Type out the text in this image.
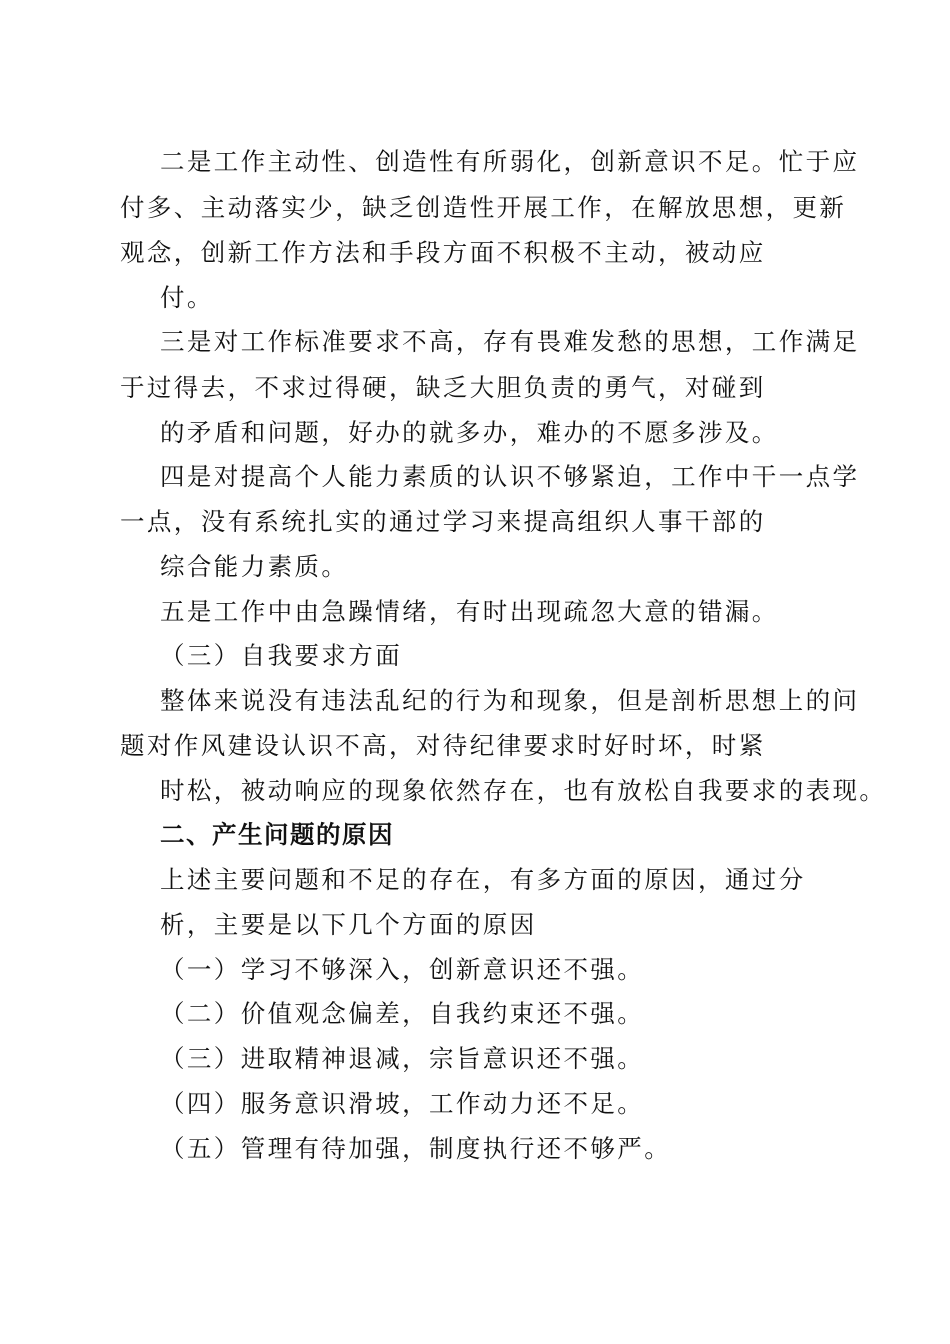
二是工作主动性、创造性有所弱化，创新意识不足。忙于应
付多、主动落实少，缺乏创造性开展工作，在解放思想，更新
观念，创新工作方法和手段方面不积极不主动，被动应
付。
三是对工作标准要求不高，存有畏难发愁的思想，工作满足
于过得去，不求过得硬，缺乏大胆负责的勇气，对碰到
的矛盾和问题，好办的就多办，难办的不愿多涉及。
四是对提高个人能力素质的认识不够紧迫，工作中干一点学
一点，没有系统扎实的通过学习来提高组织人事干部的
综合能力素质。
五是工作中由急躁情绪，有时出现疏忽大意的错漏。
（三）自我要求方面
整体来说没有违法乱纪的行为和现象，但是剖析思想上的问
题对作风建设认识不高，对待纪律要求时好时坏，时紧
时松，被动响应的现象依然存在，也有放松自我要求的表现。
二、产生问题的原因
上述主要问题和不足的存在，有多方面的原因，通过分
析，主要是以下几个方面的原因
（一）学习不够深入，创新意识还不强。
（二）价值观念偏差，自我约束还不强。
（三）进取精神退减，宗旨意识还不强。
（四）服务意识滑坡，工作动力还不足。
（五）管理有待加强，制度执行还不够严。
